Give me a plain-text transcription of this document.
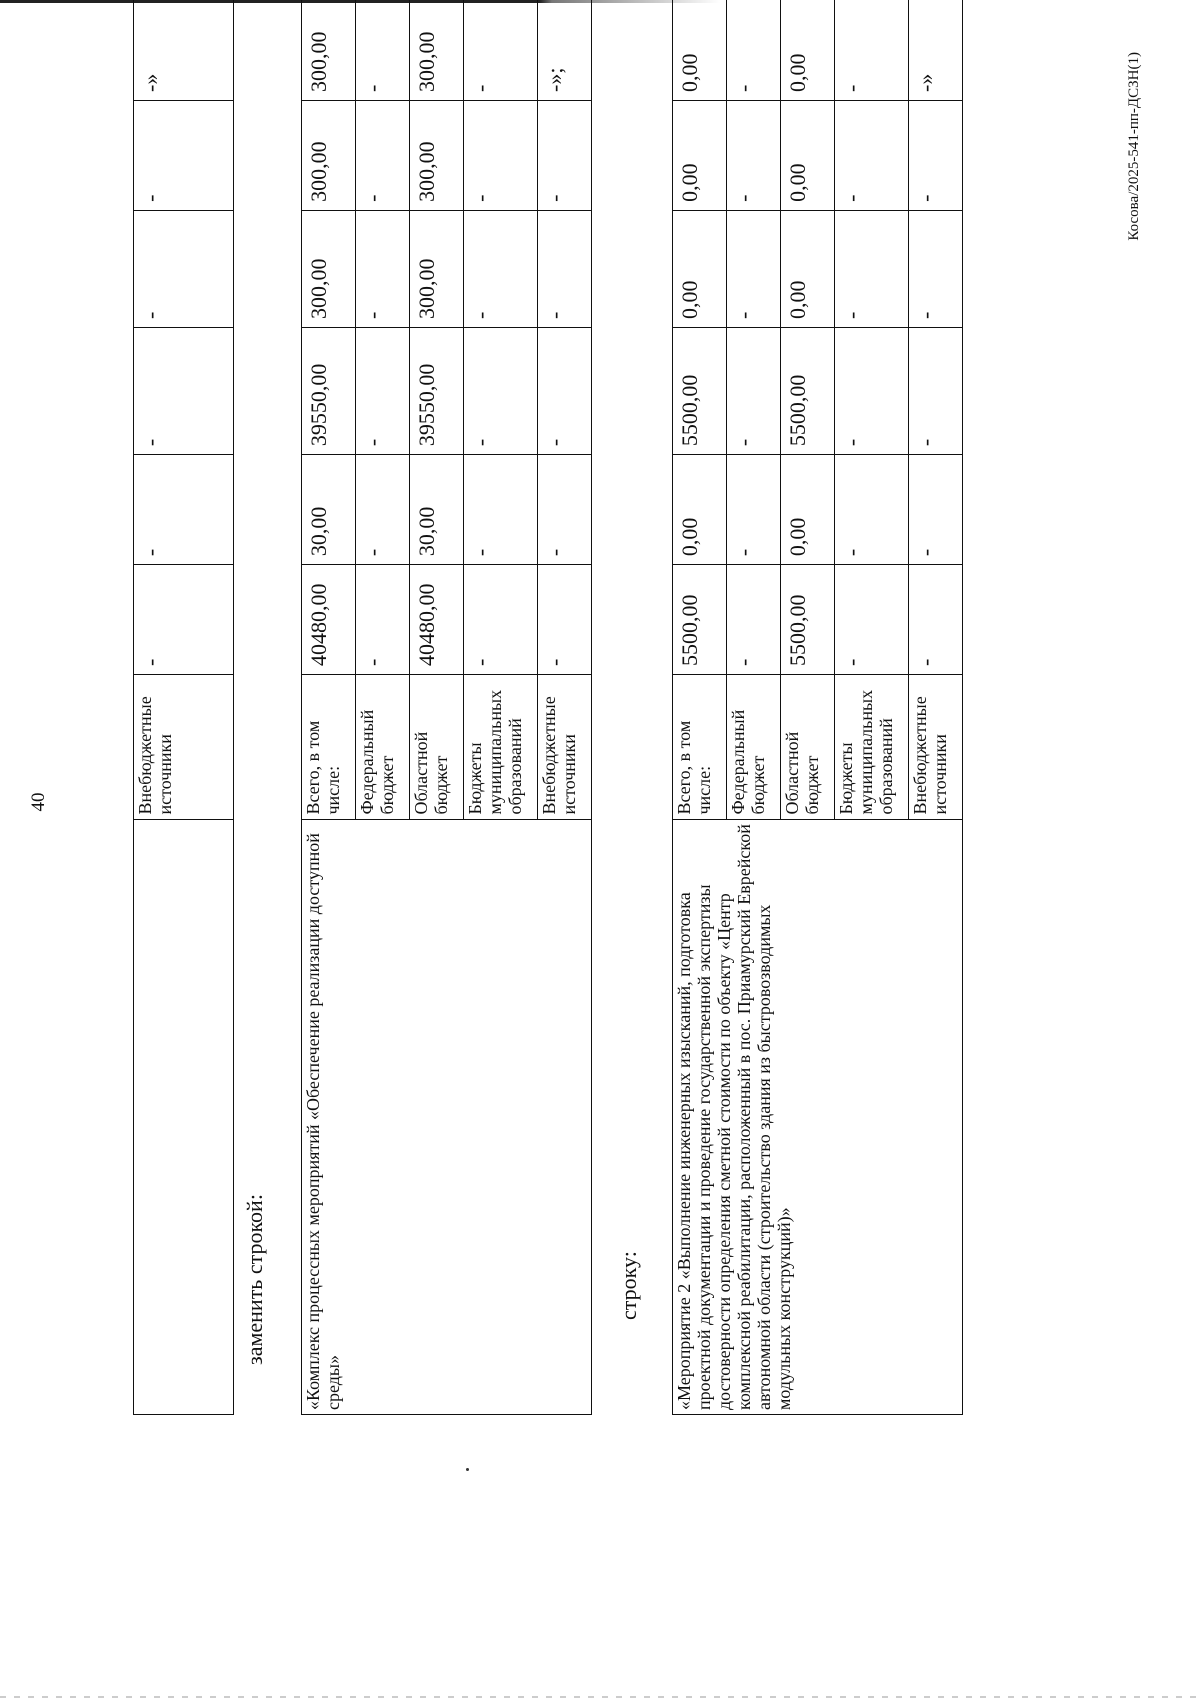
40
		Внебюджетные источники	-	-	-	-	-	-»
заменить строкой: «Комплекс процессных мероприятий «Обеспечение реализации доступной среды»	Всего, в том числе:	40480,00	30,00	39550,00	300,00	300,00	300,00
	Федеральный бюджет	-	-	-	-	-	-
	Областной бюджет	40480,00	30,00	39550,00	300,00	300,00	300,00
	Бюджеты муниципальных образований	-	-	-	-	-	-
	Внебюджетные источники	-	-	-	-	-	-»;
строку: «Мероприятие 2 «Выполнение инженерных изысканий, подготовка проектной документации и проведение государственной экспертизы достоверности определения сметной стоимости по объекту «Центр комплексной реабилитации, расположенный в пос. Приамурский Еврейской автономной области (строительство здания из быстровозводимых модульных конструкций)»	Всего, в том числе:	5500,00	0,00	5500,00	0,00	0,00	0,00
	Федеральный бюджет	-	-	-	-	-	-
	Областной бюджет	5500,00	0,00	5500,00	0,00	0,00	0,00
	Бюджеты муниципальных образований	-	-	-	-	-	-
	Внебюджетные источники	-	-	-	-	-	-»	Косова/2025-541-пп-ДСЗН(1)
